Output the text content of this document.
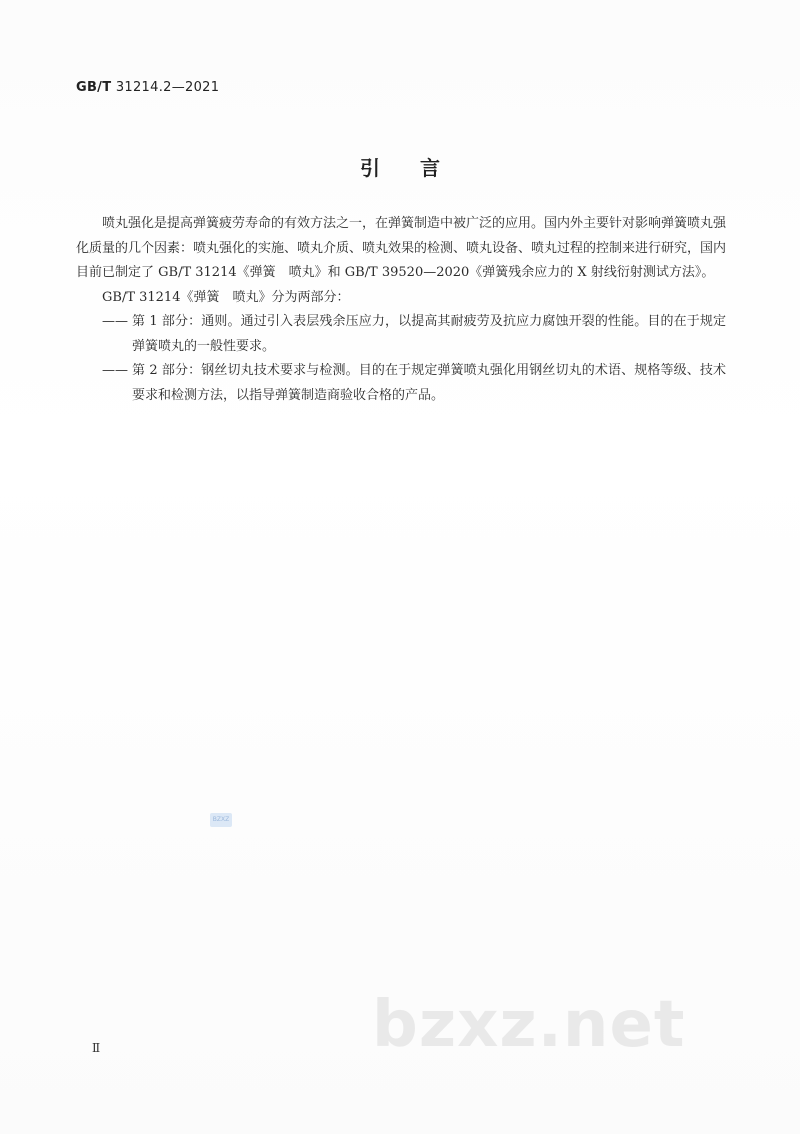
GB/T 31214.2—2021
引言

喷丸强化是提高弹簧疲劳寿命的有效方法之一，在弹簧制造中被广泛的应用。国内外主要针对影响弹簧喷丸强化质量的几个因素：喷丸强化的实施、喷丸介质、喷丸效果的检测、喷丸设备、喷丸过程的控制来进行研究，国内目前已制定了 GB/T 31214《弹簧　喷丸》和 GB/T 39520—2020《弹簧残余应力的 X 射线衍射测试方法》。

GB/T 31214《弹簧　喷丸》分为两部分：

—— 第 1 部分：通则。通过引入表层残余压应力，以提高其耐疲劳及抗应力腐蚀开裂的性能。目的在于规定弹簧喷丸的一般性要求。
—— 第 2 部分：钢丝切丸技术要求与检测。目的在于规定弹簧喷丸强化用钢丝切丸的术语、规格等级、技术要求和检测方法，以指导弹簧制造商验收合格的产品。
BZXZ
bzxz.net
Ⅱ
